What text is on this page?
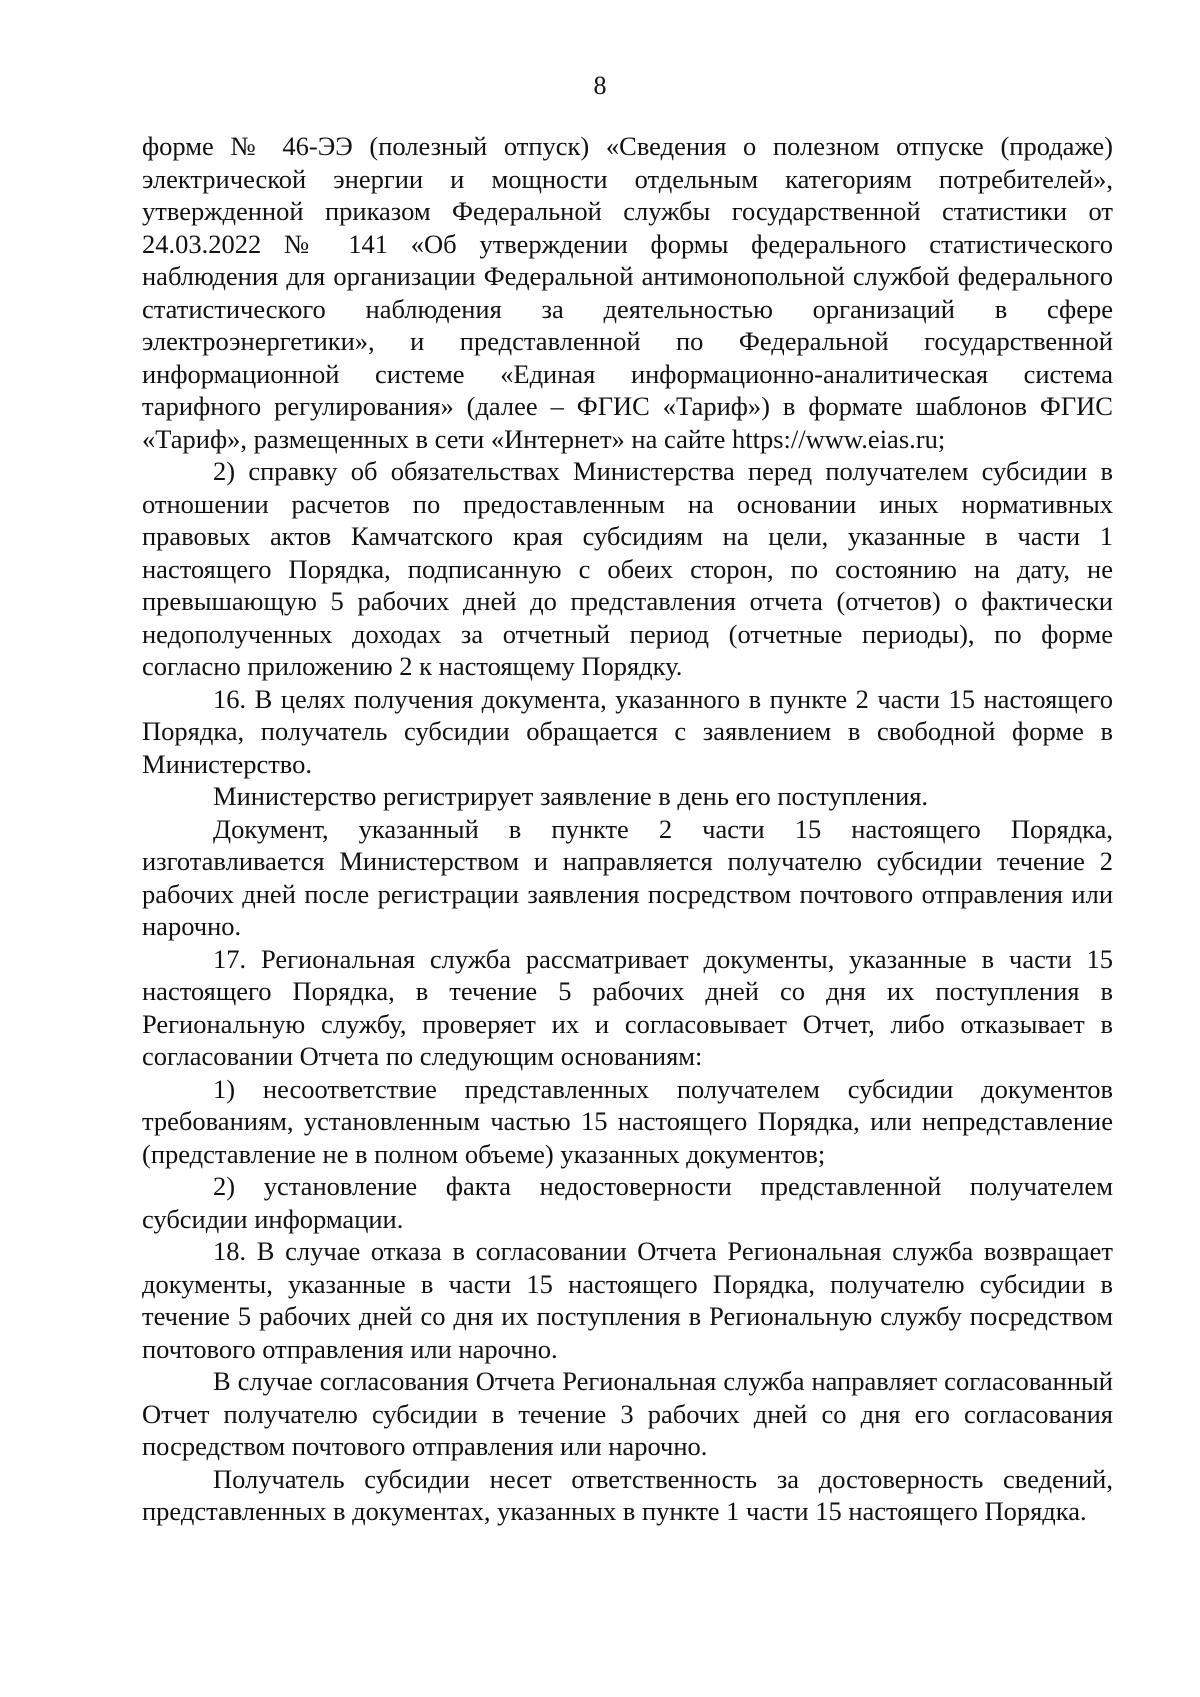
8

форме № 46-ЭЭ (полезный отпуск) «Сведения о полезном отпуске (продаже) электрической энергии и мощности отдельным категориям потребителей», утвержденной приказом Федеральной службы государственной статистики от 24.03.2022 № 141 «Об утверждении формы федерального статистического наблюдения для организации Федеральной антимонопольной службой федерального статистического наблюдения за деятельностью организаций в сфере электроэнергетики», и представленной по Федеральной государственной информационной системе «Единая информационно-аналитическая система тарифного регулирования» (далее – ФГИС «Тариф») в формате шаблонов ФГИС «Тариф», размещенных в сети «Интернет» на сайте https://www.eias.ru;

2) справку об обязательствах Министерства перед получателем субсидии в отношении расчетов по предоставленным на основании иных нормативных правовых актов Камчатского края субсидиям на цели, указанные в части 1 настоящего Порядка, подписанную с обеих сторон, по состоянию на дату, не превышающую 5 рабочих дней до представления отчета (отчетов) о фактически недополученных доходах за отчетный период (отчетные периоды), по форме согласно приложению 2 к настоящему Порядку.

16. В целях получения документа, указанного в пункте 2 части 15 настоящего Порядка, получатель субсидии обращается с заявлением в свободной форме в Министерство.

Министерство регистрирует заявление в день его поступления.

Документ, указанный в пункте 2 части 15 настоящего Порядка, изготавливается Министерством и направляется получателю субсидии течение 2 рабочих дней после регистрации заявления посредством почтового отправления или нарочно.

17. Региональная служба рассматривает документы, указанные в части 15 настоящего Порядка, в течение 5 рабочих дней со дня их поступления в Региональную службу, проверяет их и согласовывает Отчет, либо отказывает в согласовании Отчета по следующим основаниям:

1) несоответствие представленных получателем субсидии документов требованиям, установленным частью 15 настоящего Порядка, или непредставление (представление не в полном объеме) указанных документов;

2) установление факта недостоверности представленной получателем субсидии информации.

18. В случае отказа в согласовании Отчета Региональная служба возвращает документы, указанные в части 15 настоящего Порядка, получателю субсидии в течение 5 рабочих дней со дня их поступления в Региональную службу посредством почтового отправления или нарочно.

В случае согласования Отчета Региональная служба направляет согласованный Отчет получателю субсидии в течение 3 рабочих дней со дня его согласования посредством почтового отправления или нарочно.

Получатель субсидии несет ответственность за достоверность сведений, представленных в документах, указанных в пункте 1 части 15 настоящего Порядка.
